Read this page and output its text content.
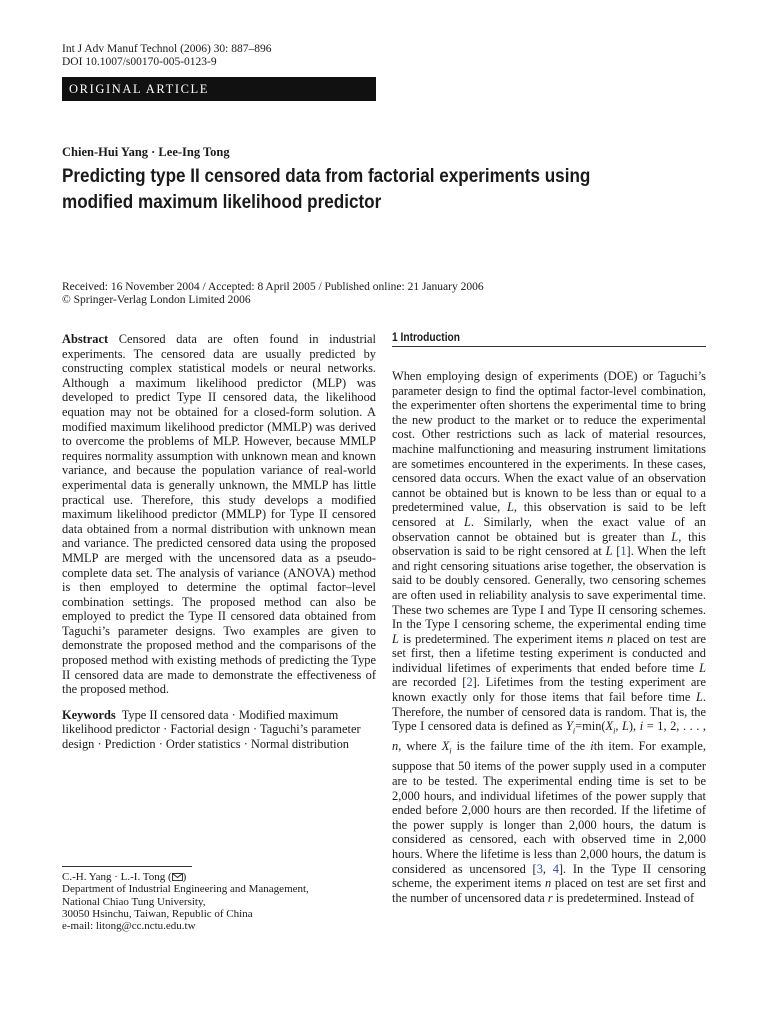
Int J Adv Manuf Technol (2006) 30: 887–896
DOI 10.1007/s00170-005-0123-9
ORIGINAL ARTICLE
Chien-Hui Yang · Lee-Ing Tong
Predicting type II censored data from factorial experiments using modified maximum likelihood predictor
Received: 16 November 2004 / Accepted: 8 April 2005 / Published online: 21 January 2006
© Springer-Verlag London Limited 2006

Abstract Censored data are often found in industrial experiments. The censored data are usually predicted by constructing complex statistical models or neural networks. Although a maximum likelihood predictor (MLP) was developed to predict Type II censored data, the likelihood equation may not be obtained for a closed-form solution. A modified maximum likelihood predictor (MMLP) was derived to overcome the problems of MLP. However, because MMLP requires normality assumption with unknown mean and known variance, and because the population variance of real-world experimental data is generally unknown, the MMLP has little practical use. Therefore, this study develops a modified maximum likelihood predictor (MMLP) for Type II censored data obtained from a normal distribution with unknown mean and variance. The predicted censored data using the proposed MMLP are merged with the uncensored data as a pseudo-complete data set. The analysis of variance (ANOVA) method is then employed to determine the optimal factor–level combination settings. The proposed method can also be employed to predict the Type II censored data obtained from Taguchi’s parameter designs. Two examples are given to demonstrate the proposed method and the comparisons of the proposed method with existing methods of predicting the Type II censored data are made to demonstrate the effectiveness of the proposed method.

Keywords Type II censored data · Modified maximum likelihood predictor · Factorial design · Taguchi’s parameter design · Prediction · Order statistics · Normal distribution

C.-H. Yang · L.-I. Tong ( )
Department of Industrial Engineering and Management,
National Chiao Tung University,
30050 Hsinchu, Taiwan, Republic of China
e-mail: litong@cc.nctu.edu.tw
1 Introduction

When employing design of experiments (DOE) or Taguchi’s parameter design to find the optimal factor-level combination, the experimenter often shortens the experimental time to bring the new product to the market or to reduce the experimental cost. Other restrictions such as lack of material resources, machine malfunctioning and measuring instrument limitations are sometimes encountered in the experiments. In these cases, censored data occurs. When the exact value of an observation cannot be obtained but is known to be less than or equal to a predetermined value, L, this observation is said to be left censored at L. Similarly, when the exact value of an observation cannot be obtained but is greater than L, this observation is said to be right censored at L [1]. When the left and right censoring situations arise together, the observation is said to be doubly censored. Generally, two censoring schemes are often used in reliability analysis to save experimental time. These two schemes are Type I and Type II censoring schemes. In the Type I censoring scheme, the experimental ending time L is predetermined. The experiment items n placed on test are set first, then a lifetime testing experiment is conducted and individual lifetimes of experiments that ended before time L are recorded [2]. Lifetimes from the testing experiment are known exactly only for those items that fail before time L. Therefore, the number of censored data is random. That is, the Type I censored data is defined as $Y_i=\min(X_i$, L), i = 1, 2, . . . , n, where $X_i$ is the failure time of the ith item. For example, suppose that 50 items of the power supply used in a computer are to be tested. The experimental ending time is set to be 2,000 hours, and individual lifetimes of the power supply that ended before 2,000 hours are then recorded. If the lifetime of the power supply is longer than 2,000 hours, the datum is considered as censored, each with observed time in 2,000 hours. Where the lifetime is less than 2,000 hours, the datum is considered as uncensored [3, 4]. In the Type II censoring scheme, the experiment items n placed on test are set first and the number of uncensored data r is predetermined. Instead of
